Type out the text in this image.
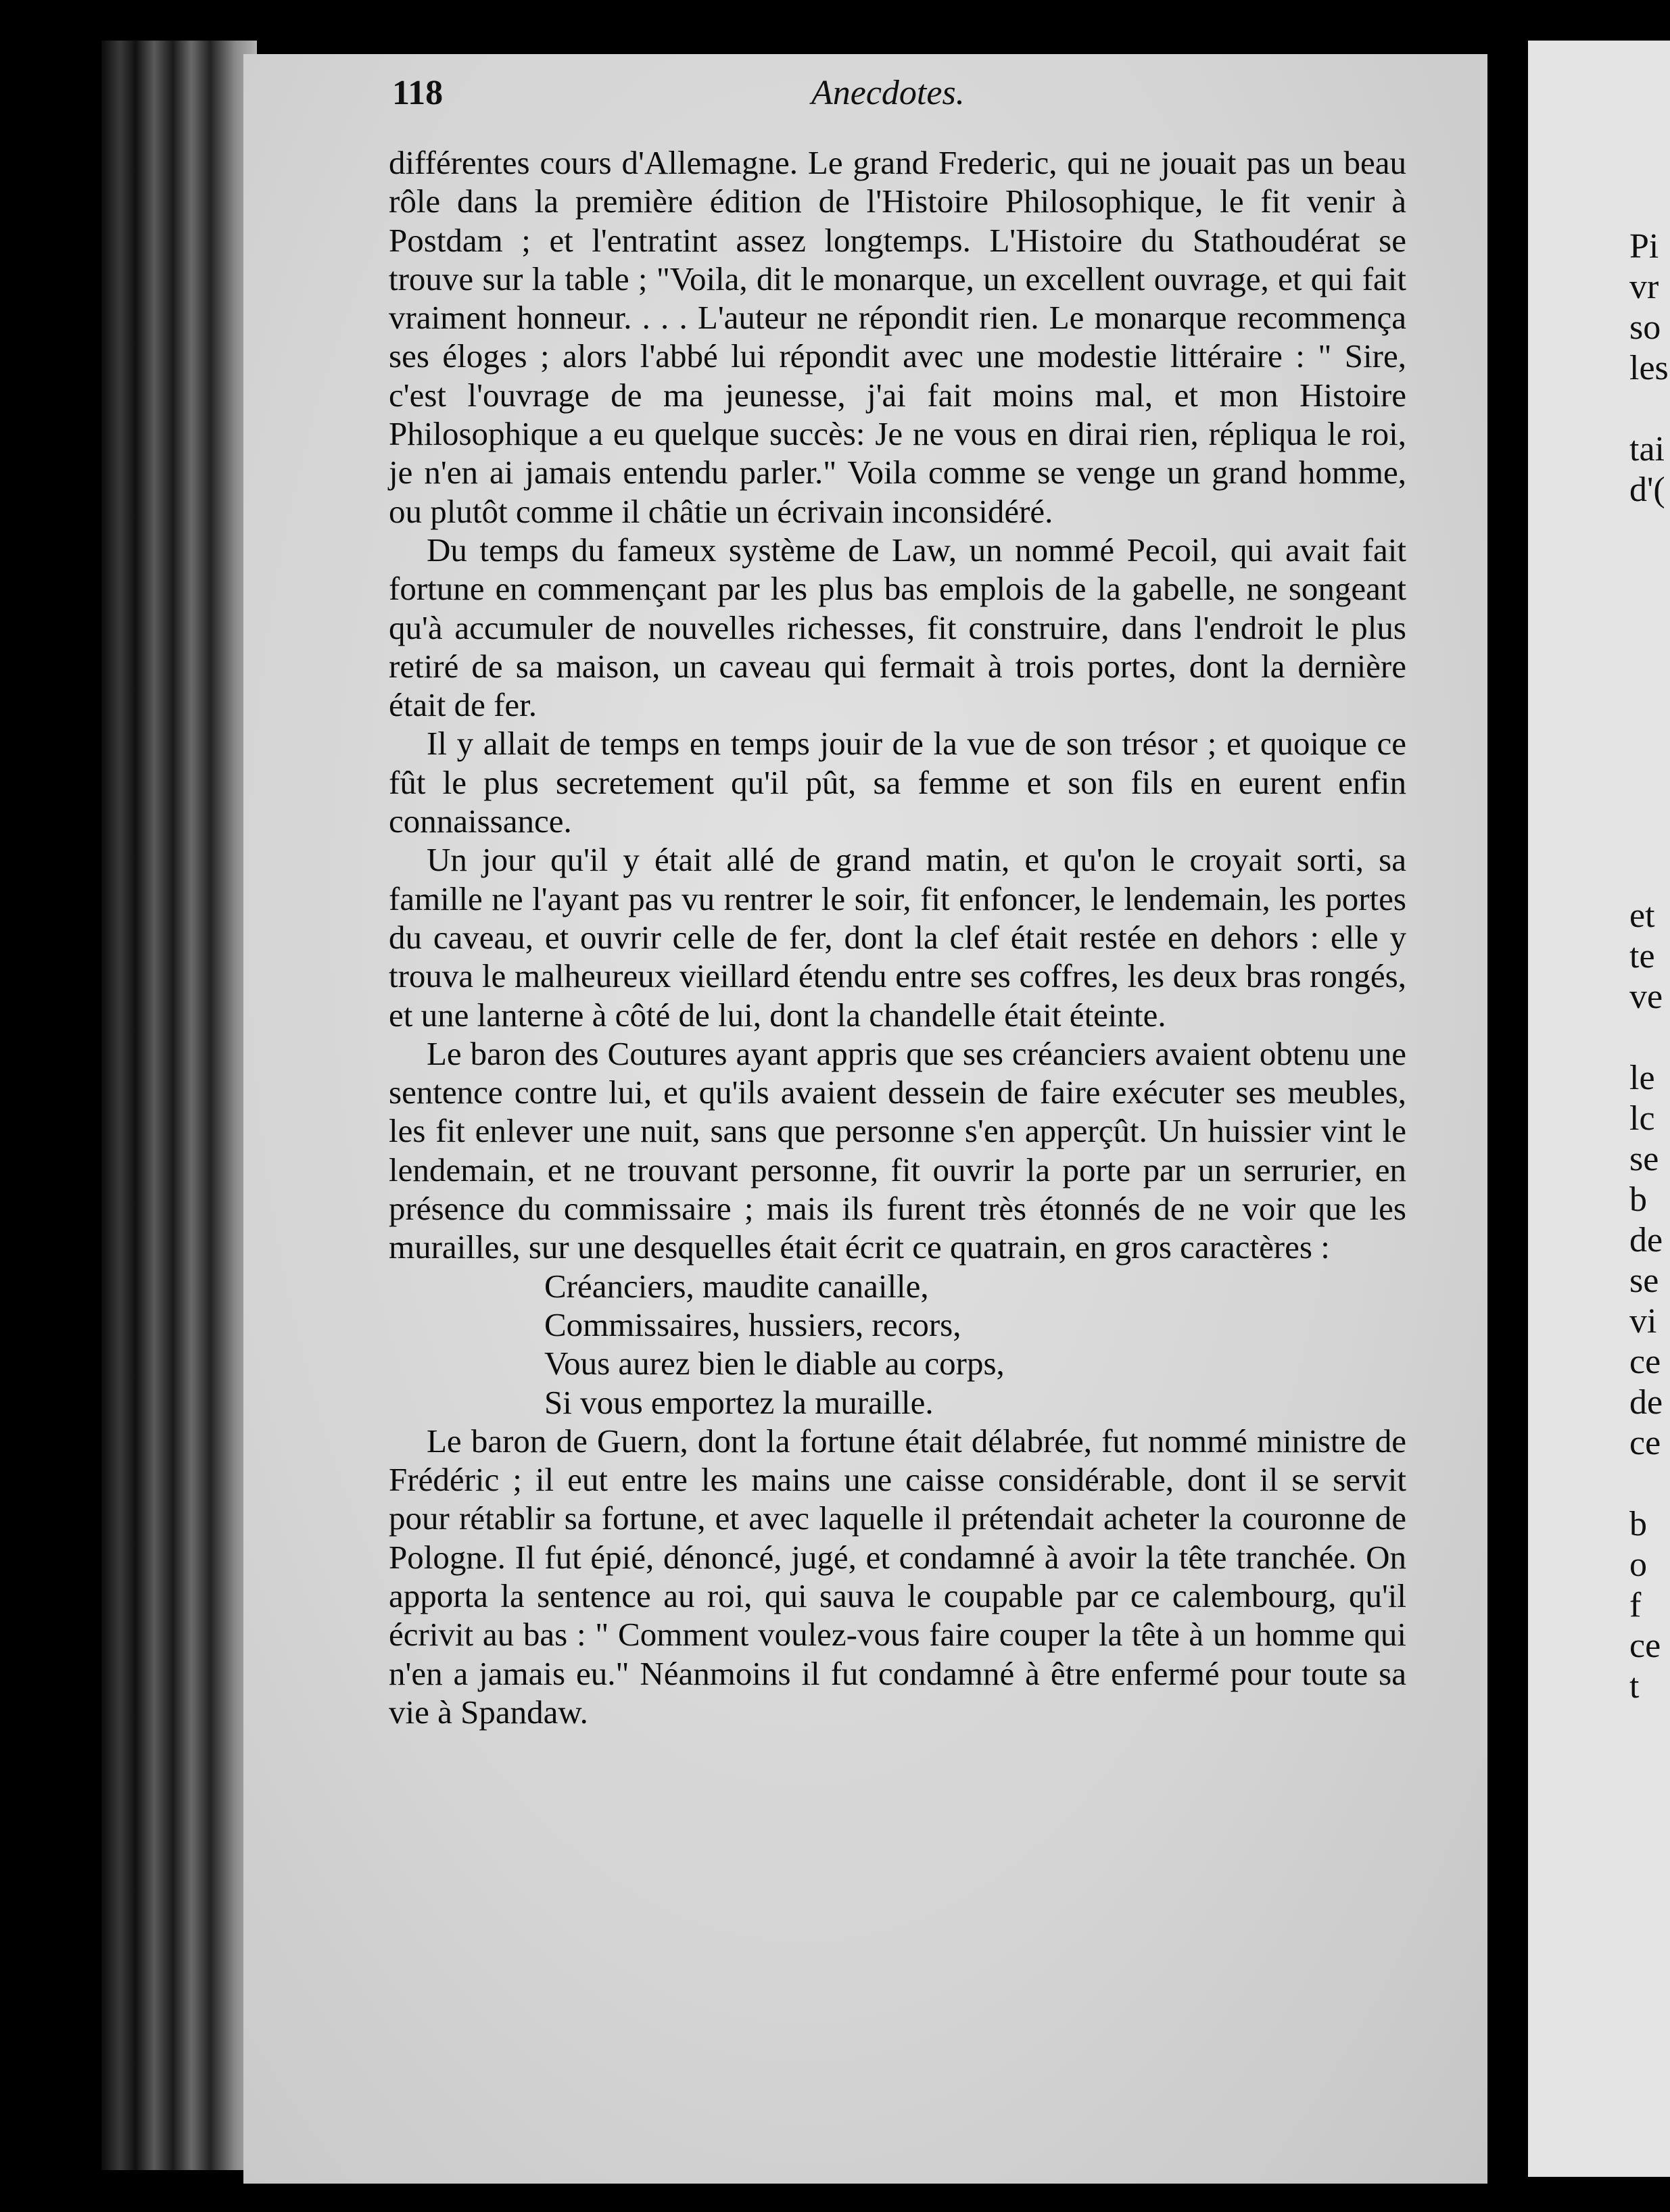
Pi
vr
so
les
tai
d'(
et
te
ve
le
lc
se
b
de
se
vi
ce
de
ce
b
o
f
ce
t
118	Anecdotes.

différentes cours d'Allemagne. Le grand Frederic, qui ne jouait pas un beau rôle dans la première édition de l'Histoire Philosophique, le fit venir à Postdam ; et l'entratint assez longtemps. L'Histoire du Stathoudérat se trouve sur la table ; "Voila, dit le monarque, un excellent ouvrage, et qui fait vraiment honneur. . . . L'auteur ne répondit rien. Le monarque recommença ses éloges ; alors l'abbé lui répondit avec une modestie littéraire : " Sire, c'est l'ouvrage de ma jeunesse, j'ai fait moins mal, et mon Histoire Philosophique a eu quelque succès: Je ne vous en dirai rien, répliqua le roi, je n'en ai jamais entendu parler." Voila comme se venge un grand homme, ou plutôt comme il châtie un écrivain inconsidéré.

Du temps du fameux système de Law, un nommé Pecoil, qui avait fait fortune en commençant par les plus bas emplois de la gabelle, ne songeant qu'à accumuler de nouvelles richesses, fit construire, dans l'endroit le plus retiré de sa maison, un caveau qui fermait à trois portes, dont la dernière était de fer.

Il y allait de temps en temps jouir de la vue de son trésor ; et quoique ce fût le plus secretement qu'il pût, sa femme et son fils en eurent enfin connaissance.

Un jour qu'il y était allé de grand matin, et qu'on le croyait sorti, sa famille ne l'ayant pas vu rentrer le soir, fit enfoncer, le lendemain, les portes du caveau, et ouvrir celle de fer, dont la clef était restée en dehors : elle y trouva le malheureux vieillard étendu entre ses coffres, les deux bras rongés, et une lanterne à côté de lui, dont la chandelle était éteinte.

Le baron des Coutures ayant appris que ses créanciers avaient obtenu une sentence contre lui, et qu'ils avaient dessein de faire exécuter ses meubles, les fit enlever une nuit, sans que personne s'en apperçût. Un huissier vint le lendemain, et ne trouvant personne, fit ouvrir la porte par un serrurier, en présence du commissaire ; mais ils furent très étonnés de ne voir que les murailles, sur une desquelles était écrit ce quatrain, en gros caractères :

Créanciers, maudite canaille,
Commissaires, hussiers, recors,
Vous aurez bien le diable au corps,
Si vous emportez la muraille.

Le baron de Guern, dont la fortune était délabrée, fut nommé ministre de Frédéric ; il eut entre les mains une caisse considérable, dont il se servit pour rétablir sa fortune, et avec laquelle il prétendait acheter la couronne de Pologne. Il fut épié, dénoncé, jugé, et condamné à avoir la tête tranchée. On apporta la sentence au roi, qui sauva le coupable par ce calembourg, qu'il écrivit au bas : " Comment voulez-vous faire couper la tête à un homme qui n'en a jamais eu." Néanmoins il fut condamné à être enfermé pour toute sa vie à Spandaw.
